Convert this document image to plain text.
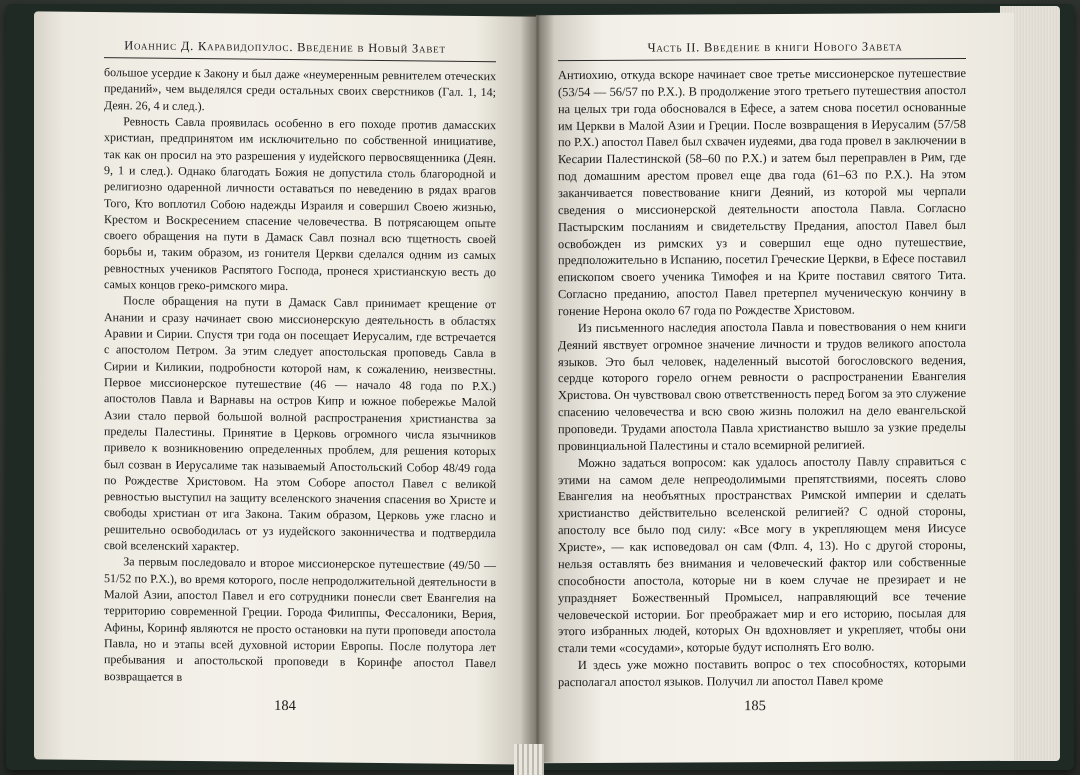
Иоаннис Д. Каравидопулос. Введение в Новый Завет

большое усердие к Закону и был даже «неумеренным ревнителем отеческих преданий», чем выделялся среди остальных своих сверстников (Гал. 1, 14; Деян. 26, 4 и след.).

Ревность Савла проявилась особенно в его походе против дамасских христиан, предпринятом им исключительно по собственной инициативе, так как он просил на это разрешения у иудейского первосвященника (Деян. 9, 1 и след.). Однако благодать Божия не допустила столь благородной и религиозно одаренной личности оставаться по неведению в рядах врагов Того, Кто воплотил Собою надежды Израиля и совершил Своею жизнью, Крестом и Воскресением спасение человечества. В потрясающем опыте своего обращения на пути в Дамаск Савл познал всю тщетность своей борьбы и, таким образом, из гонителя Церкви сделался одним из самых ревностных учеников Распятого Господа, пронеся христианскую весть до самых концов греко-римского мира.

После обращения на пути в Дамаск Савл принимает крещение от Анании и сразу начинает свою миссионерскую деятельность в областях Аравии и Сирии. Спустя три года он посещает Иерусалим, где встречается с апостолом Петром. За этим следует апостольская проповедь Савла в Сирии и Киликии, подробности которой нам, к сожалению, неизвестны. Первое миссионерское путешествие (46 — начало 48 года по Р.Х.) апостолов Павла и Варнавы на остров Кипр и южное побережье Малой Азии стало первой большой волной распространения христианства за пределы Палестины. Принятие в Церковь огромного числа язычников привело к возникновению определенных проблем, для решения которых был созван в Иерусалиме так называемый Апостольский Собор 48/49 года по Рождестве Христовом. На этом Соборе апостол Павел с великой ревностью выступил на защиту вселенского значения спасения во Христе и свободы христиан от ига Закона. Таким образом, Церковь уже гласно и решительно освободилась от уз иудейского законничества и подтвердила свой вселенский характер.

За первым последовало и второе миссионерское путешествие (49/50 — 51/52 по Р.Х.), во время которого, после непродолжительной деятельности в Малой Азии, апостол Павел и его сотрудники понесли свет Евангелия на территорию современной Греции. Города Филиппы, Фессалоники, Верия, Афины, Коринф являются не просто остановки на пути проповеди апостола Павла, но и этапы всей духовной истории Европы. После полутора лет пребывания и апостольской проповеди в Коринфе апостол Павел возвращается в

184
Часть II. Введение в книги Нового Завета

Антиохию, откуда вскоре начинает свое третье миссионерское путешествие (53/54 — 56/57 по Р.Х.). В продолжение этого третьего путешествия апостол на целых три года обосновался в Ефесе, а затем снова посетил основанные им Церкви в Малой Азии и Греции. После возвращения в Иерусалим (57/58 по Р.Х.) апостол Павел был схвачен иудеями, два года провел в заключении в Кесарии Палестинской (58–60 по Р.Х.) и затем был переправлен в Рим, где под домашним арестом провел еще два года (61–63 по Р.Х.). На этом заканчивается повествование книги Деяний, из которой мы черпали сведения о миссионерской деятельности апостола Павла. Согласно Пастырским посланиям и свидетельству Предания, апостол Павел был освобожден из римских уз и совершил еще одно путешествие, предположительно в Испанию, посетил Греческие Церкви, в Ефесе поставил епископом своего ученика Тимофея и на Крите поставил святого Тита. Согласно преданию, апостол Павел претерпел мученическую кончину в гонение Нерона около 67 года по Рождестве Христовом.

Из письменного наследия апостола Павла и повествования о нем книги Деяний явствует огромное значение личности и трудов великого апостола языков. Это был человек, наделенный высотой богословского ведения, сердце которого горело огнем ревности о распространении Евангелия Христова. Он чувствовал свою ответственность перед Богом за это служение спасению человечества и всю свою жизнь положил на дело евангельской проповеди. Трудами апостола Павла христианство вышло за узкие пределы провинциальной Палестины и стало всемирной религией.

Можно задаться вопросом: как удалось апостолу Павлу справиться с этими на самом деле непреодолимыми препятствиями, посеять слово Евангелия на необъятных пространствах Римской империи и сделать христианство действительно вселенской религией? С одной стороны, апостолу все было под силу: «Все могу в укрепляющем меня Иисусе Христе», — как исповедовал он сам (Флп. 4, 13). Но с другой стороны, нельзя оставлять без внимания и человеческий фактор или собственные способности апостола, которые ни в коем случае не презирает и не упраздняет Божественный Промысел, направляющий все течение человеческой истории. Бог преображает мир и его историю, посылая для этого избранных людей, которых Он вдохновляет и укрепляет, чтобы они стали теми «сосудами», которые будут исполнять Его волю.

И здесь уже можно поставить вопрос о тех способностях, которыми располагал апостол языков. Получил ли апостол Павел кроме

185
